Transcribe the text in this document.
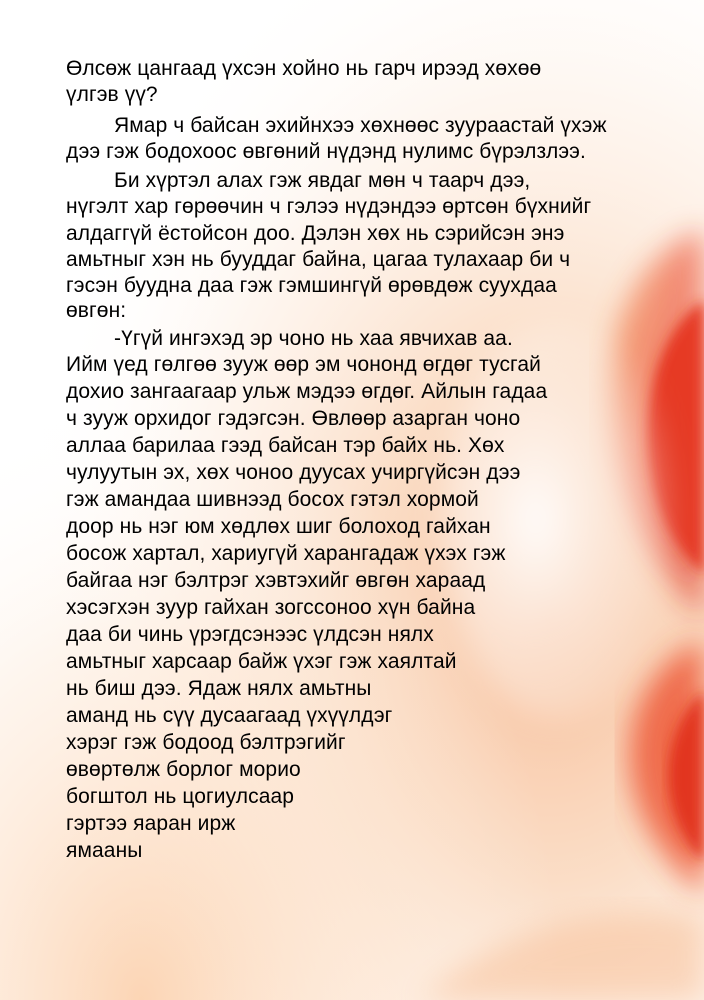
Өлсөж цангаад үхсэн хойно нь гарч ирээд хөхөө
үлгэв үү?
Ямар ч байсан эхийнхээ хөхнөөс зуураастай үхэж
дээ гэж бодохоос өвгөний нүдэнд нулимс бүрэлзлээ.
Би хүртэл алах гэж явдаг мөн ч таарч дээ,
нүгэлт хар гөрөөчин ч гэлээ нүдэндээ өртсөн бүхнийг
алдаггүй ёстойсон доо. Дэлэн хөх нь сэрийсэн энэ
амьтныг хэн нь бууддаг байна, цагаа тулахаар би ч
гэсэн буудна даа гэж гэмшингүй өрөвдөж суухдаа
өвгөн:
-Үгүй ингэхэд эр чоно нь хаа явчихав аа.
Ийм үед гөлгөө зууж өөр эм чононд өгдөг тусгай
дохио зангаагаар ульж мэдээ өгдөг. Айлын гадаа
ч зууж орхидог гэдэгсэн. Өвлөөр азарган чоно
аллаа барилаа гээд байсан тэр байх нь. Хөх
чулуутын эх, хөх чоноо дуусах учиргүйсэн дээ
гэж амандаа шивнээд босох гэтэл хормой
доор нь нэг юм хөдлөх шиг болоход гайхан
босож хартал, хариугүй харангадаж үхэх гэж
байгаа нэг бэлтрэг хэвтэхийг өвгөн хараад
хэсэгхэн зуур гайхан зогссоноо хүн байна
даа би чинь үрэгдсэнээс үлдсэн нялх
амьтныг харсаар байж үхэг гэж хаялтай
нь биш дээ. Ядаж нялх амьтны
аманд нь сүү дусаагаад үхүүлдэг
хэрэг гэж бодоод бэлтрэгийг
өвөртөлж борлог морио
богштол нь цогиулсаар
гэртээ яаран ирж
ямааны
